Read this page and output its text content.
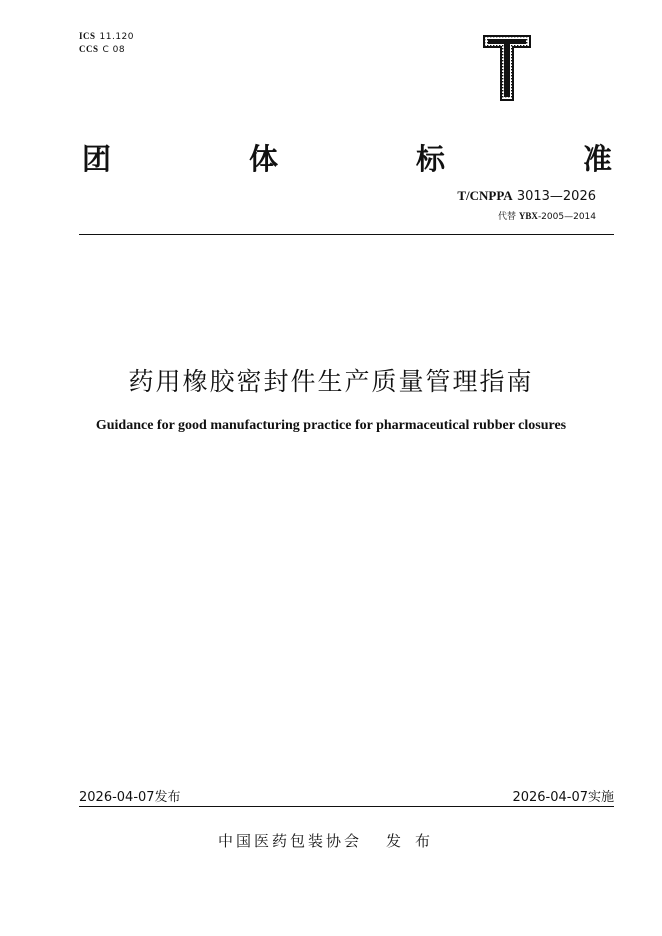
ICS 11.120
CCS C 08
团	体	标	准
T/CNPPA 3013—2026
代替 YBX-2005—2014
药用橡胶密封件生产质量管理指南
Guidance for good manufacturing practice for pharmaceutical rubber closures
2026-04-07发布	2026-04-07实施
中国医药包装协会 发布
